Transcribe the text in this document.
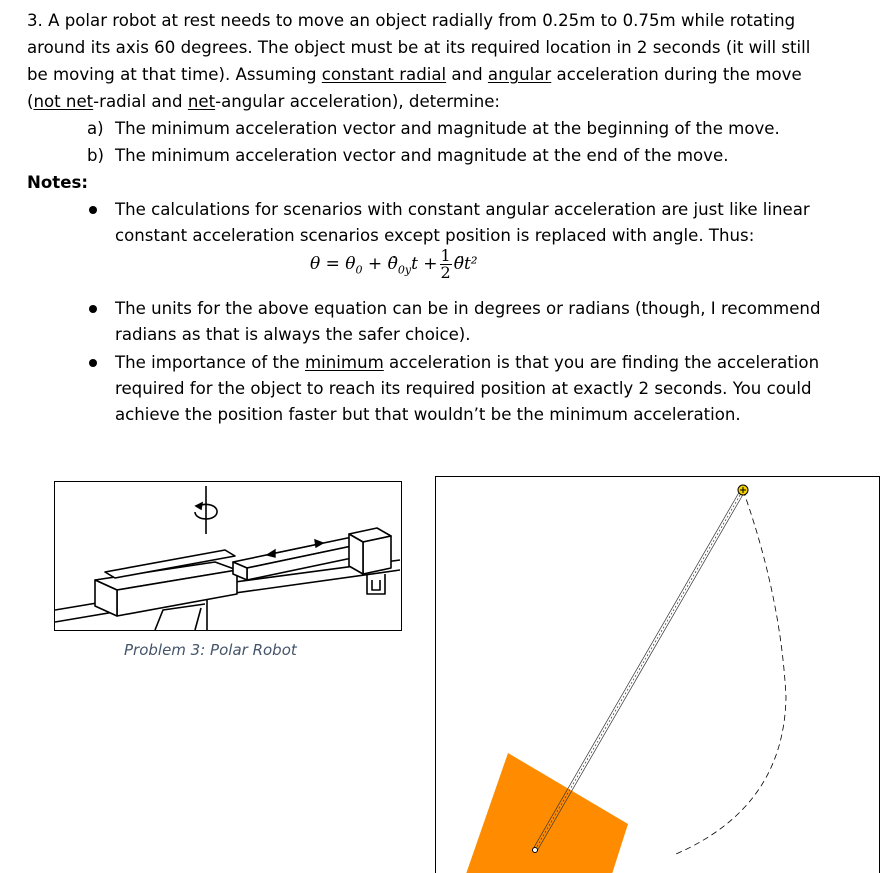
3. A polar robot at rest needs to move an object radially from 0.25m to 0.75m while rotating
around its axis 60 degrees. The object must be at its required location in 2 seconds (it will still
be moving at that time). Assuming constant radial and angular acceleration during the move
(not net-radial and net-angular acceleration), determine:
a) The minimum acceleration vector and magnitude at the beginning of the move.
b) The minimum acceleration vector and magnitude at the end of the move.
Notes:
The calculations for scenarios with constant angular acceleration are just like linear
constant acceleration scenarios except position is replaced with angle. Thus:
$\theta = \theta_0$ + $\thetȧ_{0y}t + \frac{1}{2}$ θ̈t²
The units for the above equation can be in degrees or radians (though, I recommend
radians as that is always the safer choice).
The importance of the minimum acceleration is that you are finding the acceleration
required for the object to reach its required position at exactly 2 seconds. You could
achieve the position faster but that wouldn’t be the minimum acceleration.
Problem 3: Polar Robot
